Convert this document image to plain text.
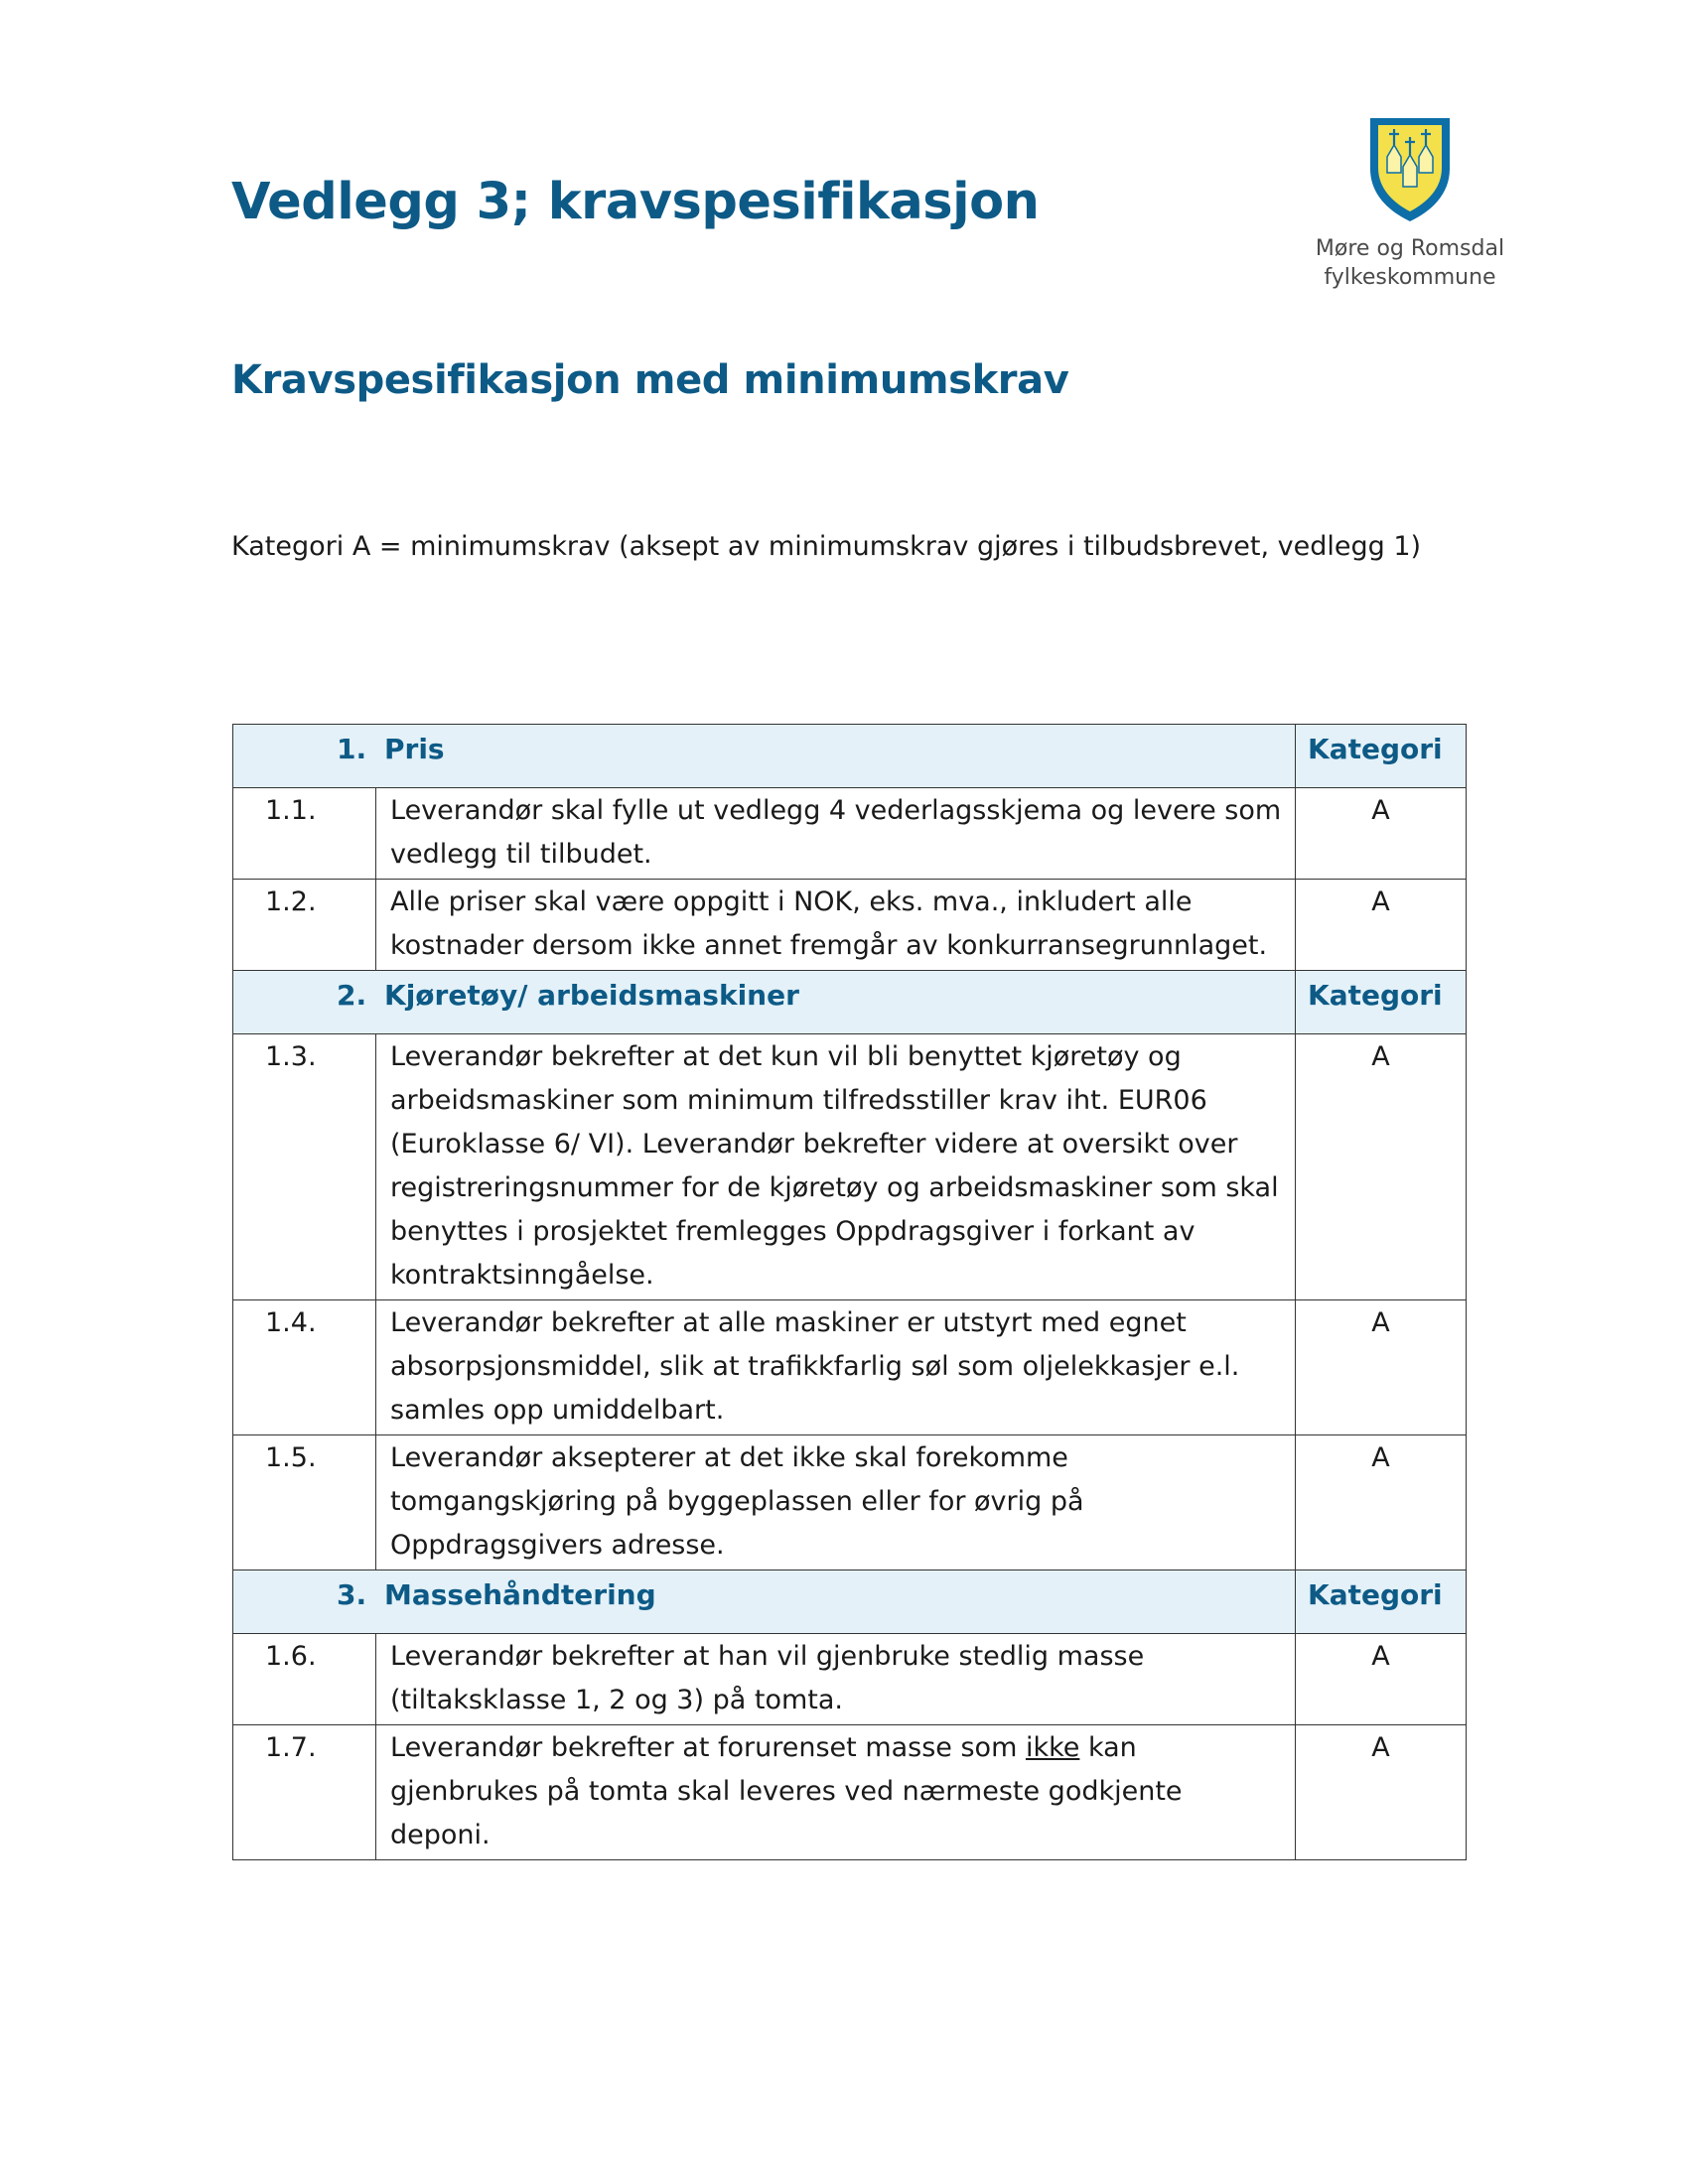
Vedlegg 3; kravspesifikasjon
Møre og Romsdal
fylkeskommune
Kravspesifikasjon med minimumskrav

Kategori A = minimumskrav (aksept av minimumskrav gjøres i tilbudsbrevet, vedlegg 1)

1. Pris		Kategori
1.1.	Leverandør skal fylle ut vedlegg 4 vederlagsskjema og levere som vedlegg til tilbudet.	A
1.2.	Alle priser skal være oppgitt i NOK, eks. mva., inkludert alle kostnader dersom ikke annet fremgår av konkurransegrunnlaget.	A
2. Kjøretøy/ arbeidsmaskiner		Kategori
1.3.	Leverandør bekrefter at det kun vil bli benyttet kjøretøy og arbeidsmaskiner som minimum tilfredsstiller krav iht. EUR06 (Euroklasse 6/ VI). Leverandør bekrefter videre at oversikt over registreringsnummer for de kjøretøy og arbeidsmaskiner som skal benyttes i prosjektet fremlegges Oppdragsgiver i forkant av kontraktsinngåelse.	A
1.4.	Leverandør bekrefter at alle maskiner er utstyrt med egnet absorpsjonsmiddel, slik at trafikkfarlig søl som oljelekkasjer e.l. samles opp umiddelbart.	A
1.5.	Leverandør aksepterer at det ikke skal forekomme tomgangskjøring på byggeplassen eller for øvrig på Oppdragsgivers adresse.	A
3. Massehåndtering		Kategori
1.6.	Leverandør bekrefter at han vil gjenbruke stedlig masse (tiltaksklasse 1, 2 og 3) på tomta.	A
1.7.	Leverandør bekrefter at forurenset masse som ikke kan gjenbrukes på tomta skal leveres ved nærmeste godkjente deponi.	A
